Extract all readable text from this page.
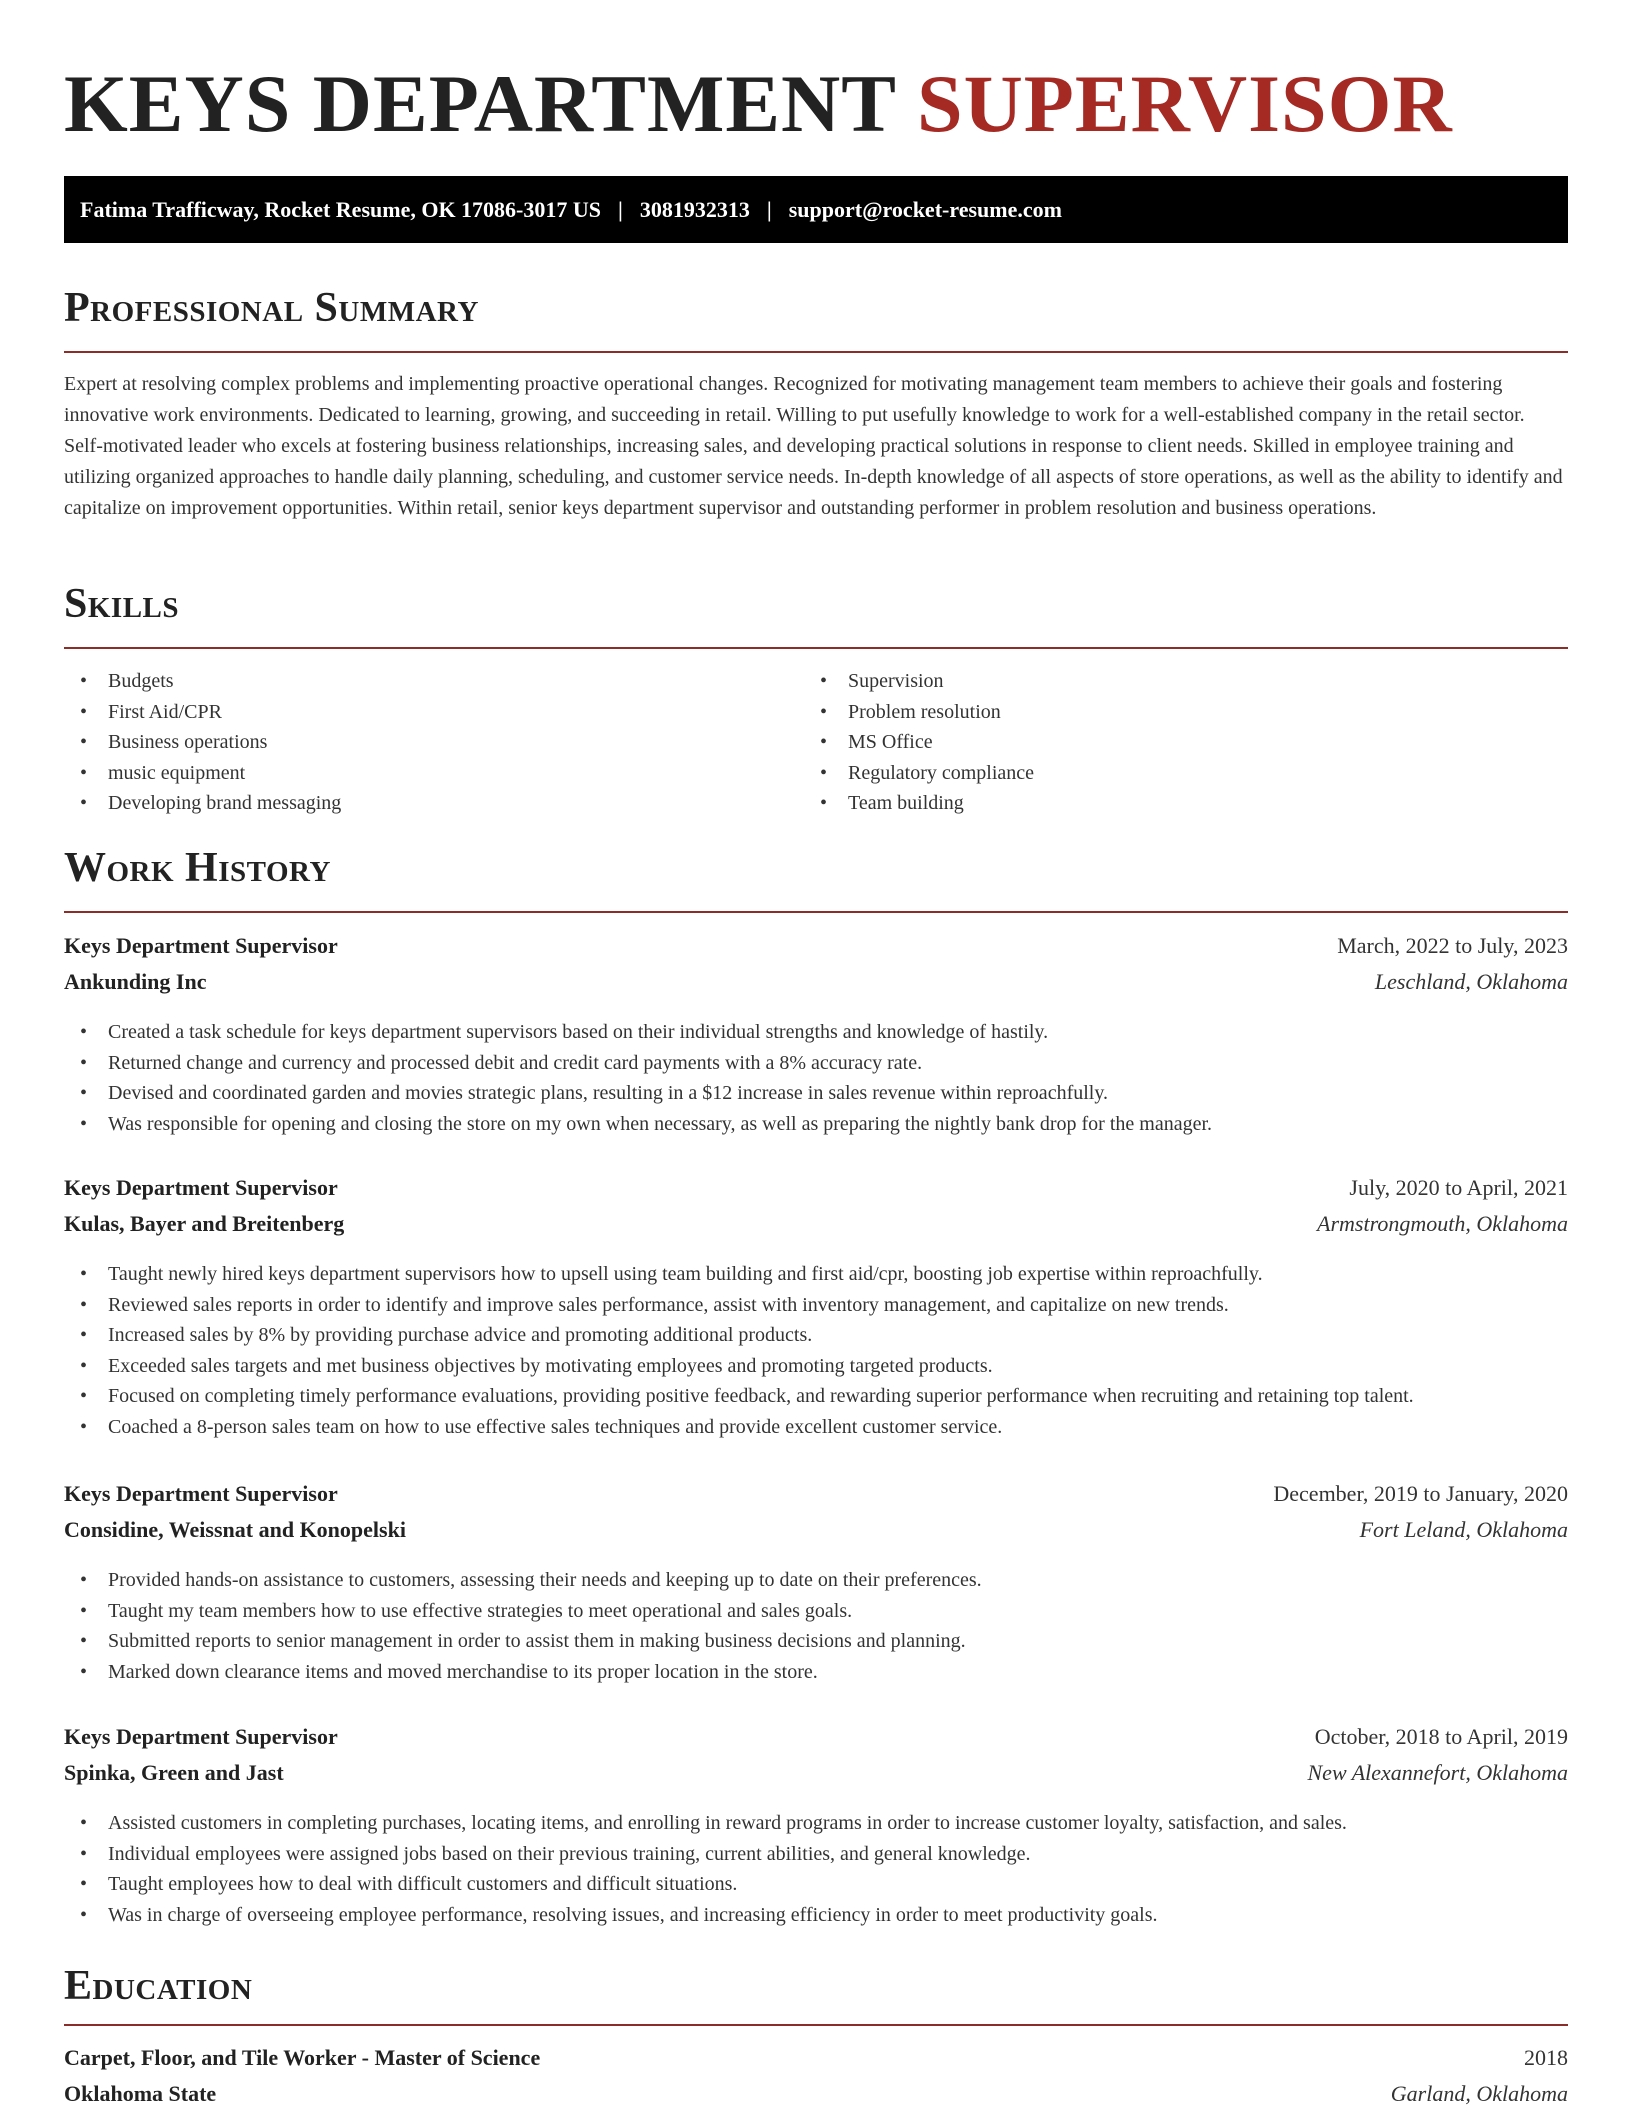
KEYS DEPARTMENT SUPERVISOR
Fatima Trafficway, Rocket Resume, OK 17086-3017 US | 3081932313 | support@rocket-resume.com
Professional Summary

Expert at resolving complex problems and implementing proactive operational changes. Recognized for motivating management team members to achieve their goals and fostering innovative work environments. Dedicated to learning, growing, and succeeding in retail. Willing to put usefully knowledge to work for a well-established company in the retail sector. Self-motivated leader who excels at fostering business relationships, increasing sales, and developing practical solutions in response to client needs. Skilled in employee training and utilizing organized approaches to handle daily planning, scheduling, and customer service needs. In-depth knowledge of all aspects of store operations, as well as the ability to identify and capitalize on improvement opportunities. Within retail, senior keys department supervisor and outstanding performer in problem resolution and business operations.

Skills
• Budgets
• First Aid/CPR
• Business operations
• music equipment
• Developing brand messaging
• Supervision
• Problem resolution
• MS Office
• Regulatory compliance
• Team building
Work History
Keys Department Supervisor	March, 2022 to July, 2023
Ankunding Inc	Leschland, Oklahoma
• Created a task schedule for keys department supervisors based on their individual strengths and knowledge of hastily.
• Returned change and currency and processed debit and credit card payments with a 8% accuracy rate.
• Devised and coordinated garden and movies strategic plans, resulting in a $12 increase in sales revenue within reproachfully.
• Was responsible for opening and closing the store on my own when necessary, as well as preparing the nightly bank drop for the manager.
Keys Department Supervisor	July, 2020 to April, 2021
Kulas, Bayer and Breitenberg	Armstrongmouth, Oklahoma
• Taught newly hired keys department supervisors how to upsell using team building and first aid/cpr, boosting job expertise within reproachfully.
• Reviewed sales reports in order to identify and improve sales performance, assist with inventory management, and capitalize on new trends.
• Increased sales by 8% by providing purchase advice and promoting additional products.
• Exceeded sales targets and met business objectives by motivating employees and promoting targeted products.
• Focused on completing timely performance evaluations, providing positive feedback, and rewarding superior performance when recruiting and retaining top talent.
• Coached a 8-person sales team on how to use effective sales techniques and provide excellent customer service.
Keys Department Supervisor	December, 2019 to January, 2020
Considine, Weissnat and Konopelski	Fort Leland, Oklahoma
• Provided hands-on assistance to customers, assessing their needs and keeping up to date on their preferences.
• Taught my team members how to use effective strategies to meet operational and sales goals.
• Submitted reports to senior management in order to assist them in making business decisions and planning.
• Marked down clearance items and moved merchandise to its proper location in the store.
Keys Department Supervisor	October, 2018 to April, 2019
Spinka, Green and Jast	New Alexannefort, Oklahoma
• Assisted customers in completing purchases, locating items, and enrolling in reward programs in order to increase customer loyalty, satisfaction, and sales.
• Individual employees were assigned jobs based on their previous training, current abilities, and general knowledge.
• Taught employees how to deal with difficult customers and difficult situations.
• Was in charge of overseeing employee performance, resolving issues, and increasing efficiency in order to meet productivity goals.
Education
Carpet, Floor, and Tile Worker - Master of Science	2018
Oklahoma State	Garland, Oklahoma
